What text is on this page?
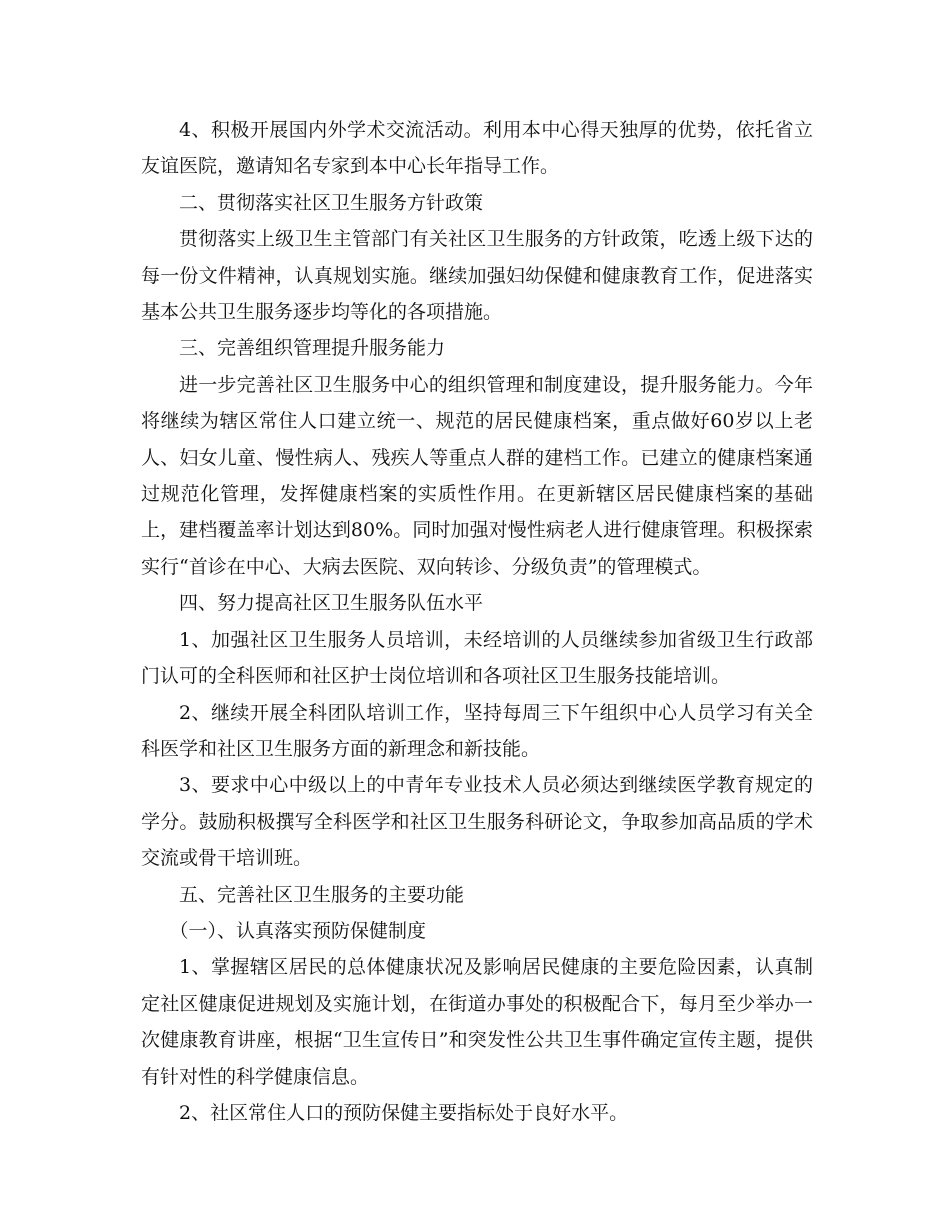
4、积极开展国内外学术交流活动。利用本中心得天独厚的优势，依托省立友谊医院，邀请知名专家到本中心长年指导工作。

二、贯彻落实社区卫生服务方针政策

贯彻落实上级卫生主管部门有关社区卫生服务的方针政策，吃透上级下达的每一份文件精神，认真规划实施。继续加强妇幼保健和健康教育工作，促进落实基本公共卫生服务逐步均等化的各项措施。

三、完善组织管理提升服务能力

进一步完善社区卫生服务中心的组织管理和制度建设，提升服务能力。今年将继续为辖区常住人口建立统一、规范的居民健康档案，重点做好60岁以上老人、妇女儿童、慢性病人、残疾人等重点人群的建档工作。已建立的健康档案通过规范化管理，发挥健康档案的实质性作用。在更新辖区居民健康档案的基础上，建档覆盖率计划达到80%。同时加强对慢性病老人进行健康管理。积极探索实行“首诊在中心、大病去医院、双向转诊、分级负责”的管理模式。

四、努力提高社区卫生服务队伍水平

1、加强社区卫生服务人员培训，未经培训的人员继续参加省级卫生行政部门认可的全科医师和社区护士岗位培训和各项社区卫生服务技能培训。

2、继续开展全科团队培训工作，坚持每周三下午组织中心人员学习有关全科医学和社区卫生服务方面的新理念和新技能。

3、要求中心中级以上的中青年专业技术人员必须达到继续医学教育规定的学分。鼓励积极撰写全科医学和社区卫生服务科研论文，争取参加高品质的学术交流或骨干培训班。

五、完善社区卫生服务的主要功能

（一）、认真落实预防保健制度

1、掌握辖区居民的总体健康状况及影响居民健康的主要危险因素，认真制定社区健康促进规划及实施计划，在街道办事处的积极配合下，每月至少举办一次健康教育讲座，根据“卫生宣传日”和突发性公共卫生事件确定宣传主题，提供有针对性的科学健康信息。

2、社区常住人口的预防保健主要指标处于良好水平。
